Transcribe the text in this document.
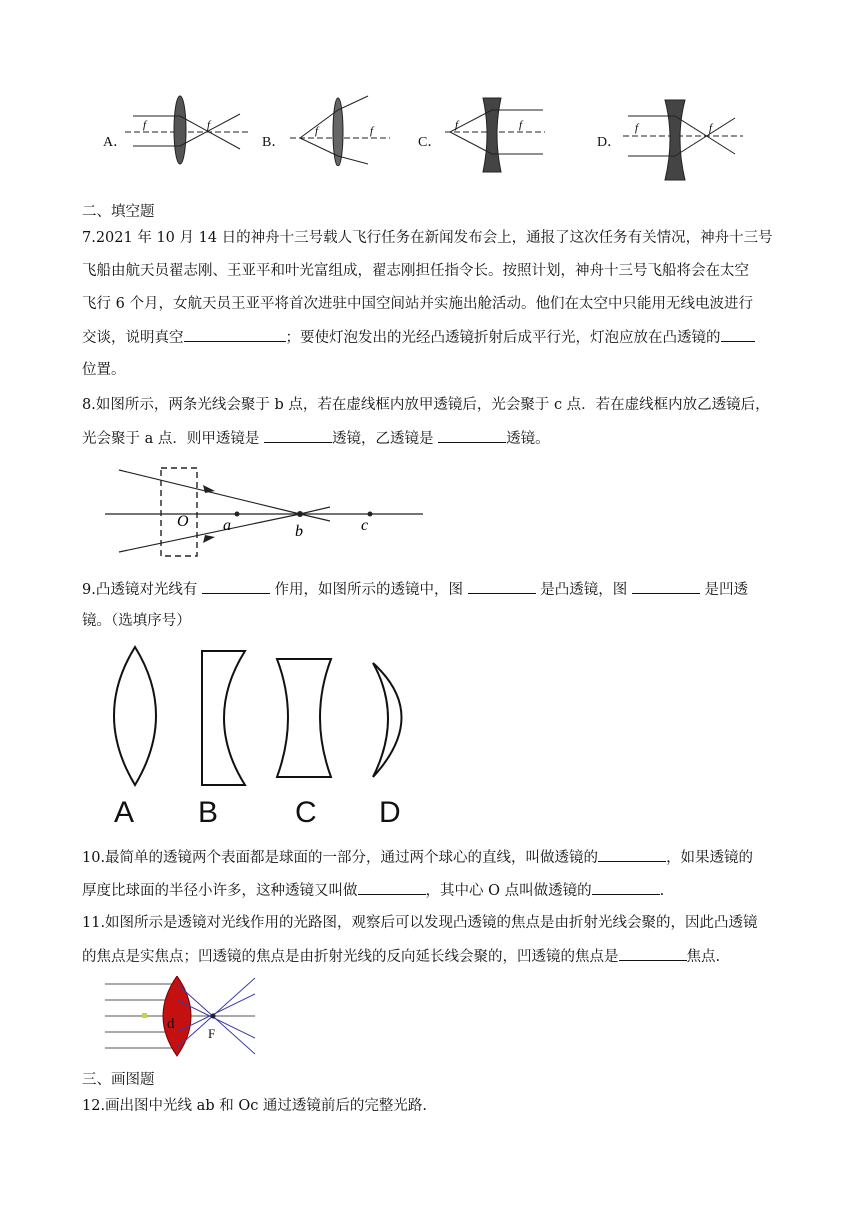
A．	B．	C．	D．
f	f	f	f	f	f	f	f
二、填空题
7.2021 年 10 月 14 日的神舟十三号载人飞行任务在新闻发布会上，通报了这次任务有关情况，神舟十三号
飞船由航天员翟志刚、王亚平和叶光富组成，翟志刚担任指令长。按照计划，神舟十三号飞船将会在太空
飞行 6 个月，女航天员王亚平将首次进驻中国空间站并实施出舱活动。他们在太空中只能用无线电波进行
交谈，说明真空	；要使灯泡发出的光经凸透镜折射后成平行光，灯泡应放在凸透镜的
位置。
8.如图所示，两条光线会聚于 b 点，若在虚线框内放甲透镜后，光会聚于 c 点．若在虚线框内放乙透镜后，
光会聚于 a 点．则甲透镜是	透镜，乙透镜是	透镜。
O a	b	c
9.凸透镜对光线有	作用，如图所示的透镜中，图	是凸透镜，图	是凹透
镜。（选填序号）
A B	C D
10.最简单的透镜两个表面都是球面的一部分，通过两个球心的直线，叫做透镜的	，如果透镜的
厚度比球面的半径小许多，这种透镜又叫做	，其中心 O 点叫做透镜的	.
11.如图所示是透镜对光线作用的光路图，观察后可以发现凸透镜的焦点是由折射光线会聚的，因此凸透镜
的焦点是实焦点；凹透镜的焦点是由折射光线的反向延长线会聚的，凹透镜的焦点是	焦点.
d
F
三、画图题
12.画出图中光线 ab 和 Oc 通过透镜前后的完整光路.
